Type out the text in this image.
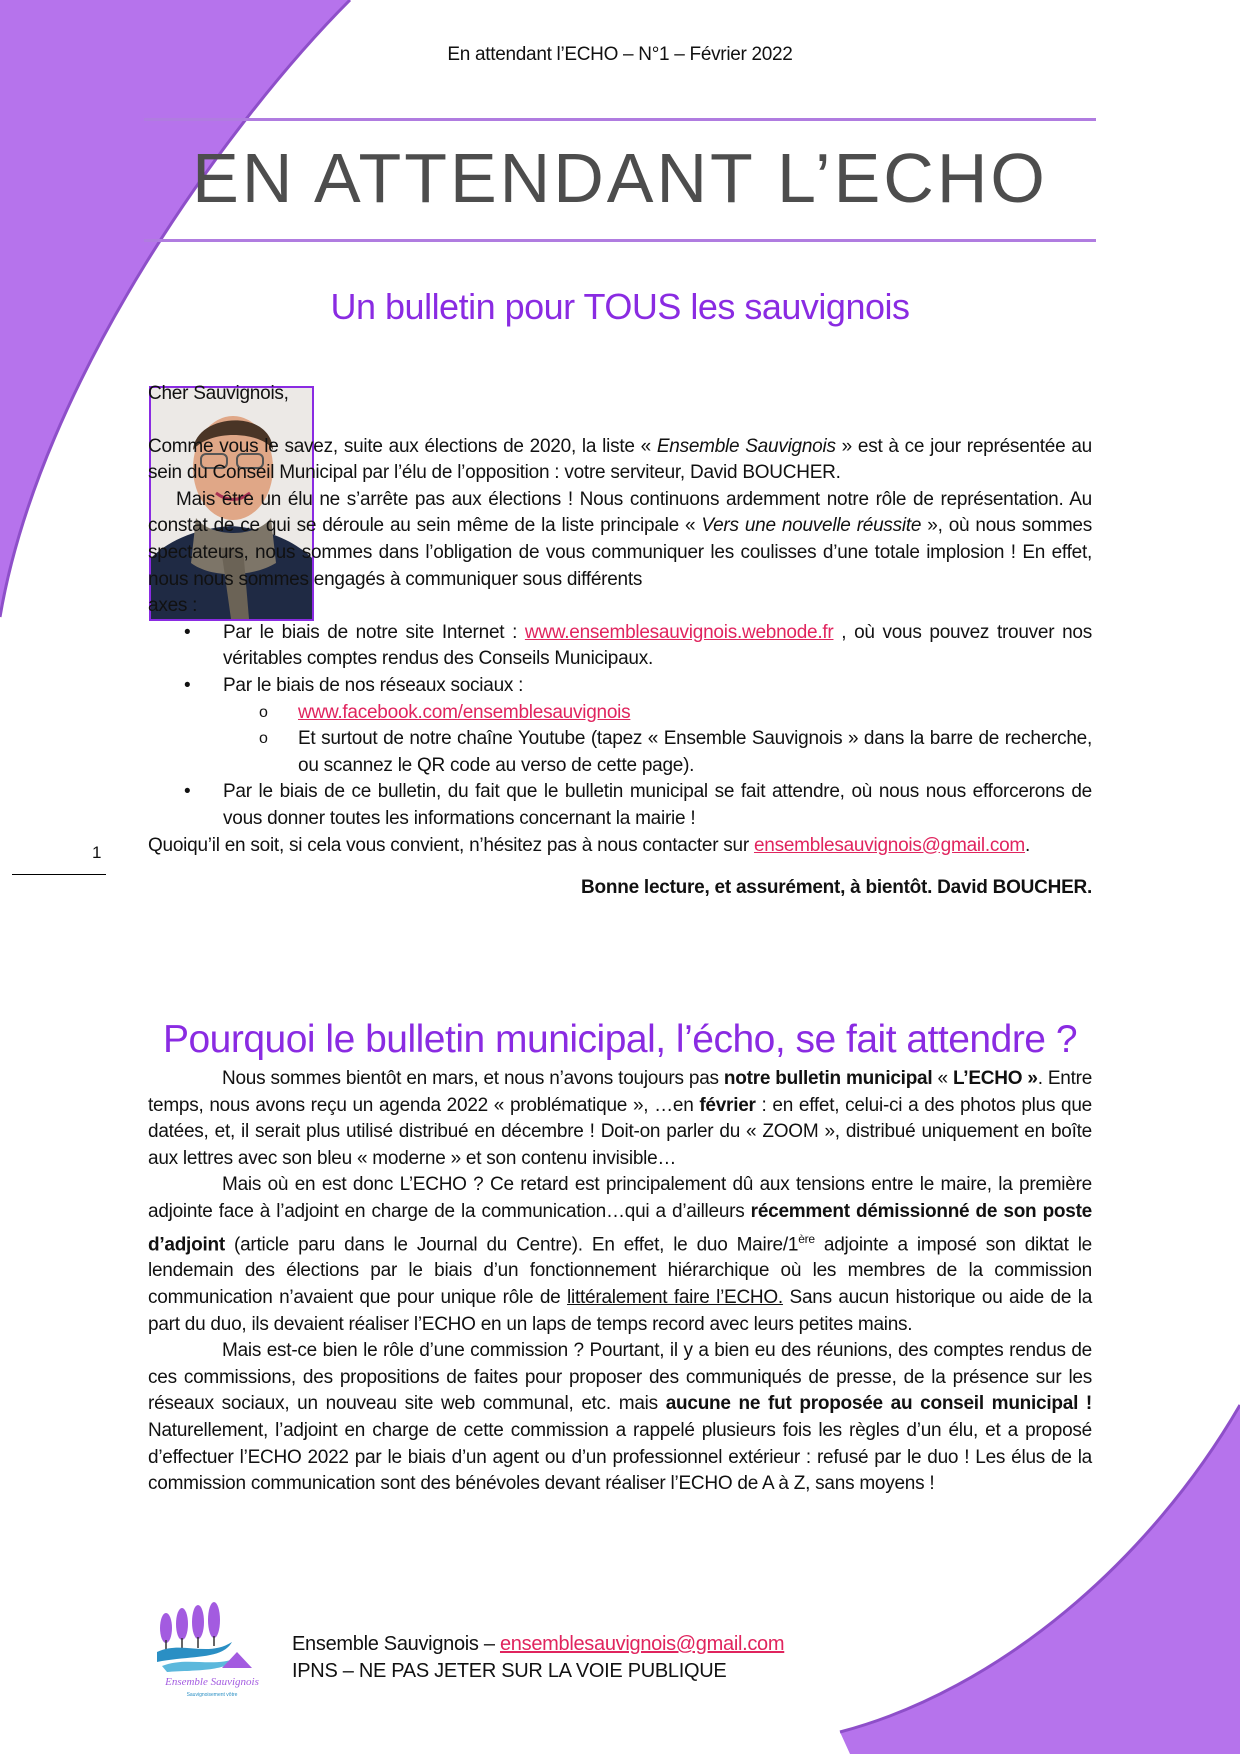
En attendant l’ECHO – N°1 – Février 2022
EN ATTENDANT L’ECHO
Un bulletin pour TOUS les sauvignois

Cher Sauvignois,

Comme vous le savez, suite aux élections de 2020, la liste « Ensemble Sauvignois » est à ce jour représentée au sein du Conseil Municipal par l’élu de l’opposition : votre serviteur, David BOUCHER.

Mais être un élu ne s’arrête pas aux élections ! Nous continuons ardemment notre rôle de représentation. Au constat de ce qui se déroule au sein même de la liste principale « Vers une nouvelle réussite », où nous sommes spectateurs, nous sommes dans l’obligation de vous communiquer les coulisses d’une totale implosion ! En effet, nous nous sommes engagés à communiquer sous différents

axes :

• Par le biais de notre site Internet : www.ensemblesauvignois.webnode.fr , où vous pouvez trouver nos véritables comptes rendus des Conseils Municipaux.
• Par le biais de nos réseaux sociaux :
o www.facebook.com/ensemblesauvignois
o Et surtout de notre chaîne Youtube (tapez « Ensemble Sauvignois » dans la barre de recherche, ou scannez le QR code au verso de cette page).
• Par le biais de ce bulletin, du fait que le bulletin municipal se fait attendre, où nous nous efforcerons de vous donner toutes les informations concernant la mairie !

Quoiqu’il en soit, si cela vous convient, n’hésitez pas à nous contacter sur ensemblesauvignois@gmail.com.

Bonne lecture, et assurément, à bientôt. David BOUCHER.

1
Pourquoi le bulletin municipal, l’écho, se fait attendre ?

Nous sommes bientôt en mars, et nous n’avons toujours pas notre bulletin municipal « L’ECHO ». Entre temps, nous avons reçu un agenda 2022 « problématique », …en février : en effet, celui-ci a des photos plus que datées, et, il serait plus utilisé distribué en décembre ! Doit-on parler du « ZOOM », distribué uniquement en boîte aux lettres avec son bleu « moderne » et son contenu invisible…

Mais où en est donc L’ECHO ? Ce retard est principalement dû aux tensions entre le maire, la première adjointe face à l’adjoint en charge de la communication…qui a d’ailleurs récemment démissionné de son poste d’adjoint (article paru dans le Journal du Centre). En effet, le duo Maire/1ère adjointe a imposé son diktat le lendemain des élections par le biais d’un fonctionnement hiérarchique où les membres de la commission communication n’avaient que pour unique rôle de littéralement faire l’ECHO. Sans aucun historique ou aide de la part du duo, ils devaient réaliser l’ECHO en un laps de temps record avec leurs petites mains.

Mais est-ce bien le rôle d’une commission ? Pourtant, il y a bien eu des réunions, des comptes rendus de ces commissions, des propositions de faites pour proposer des communiqués de presse, de la présence sur les réseaux sociaux, un nouveau site web communal, etc. mais aucune ne fut proposée au conseil municipal ! Naturellement, l’adjoint en charge de cette commission a rappelé plusieurs fois les règles d’un élu, et a proposé d’effectuer l’ECHO 2022 par le biais d’un agent ou d’un professionnel extérieur : refusé par le duo ! Les élus de la commission communication sont des bénévoles devant réaliser l’ECHO de A à Z, sans moyens !

Ensemble Sauvignois
Sauvignoisement vôtre
Ensemble Sauvignois – ensemblesauvignois@gmail.com
IPNS – NE PAS JETER SUR LA VOIE PUBLIQUE
